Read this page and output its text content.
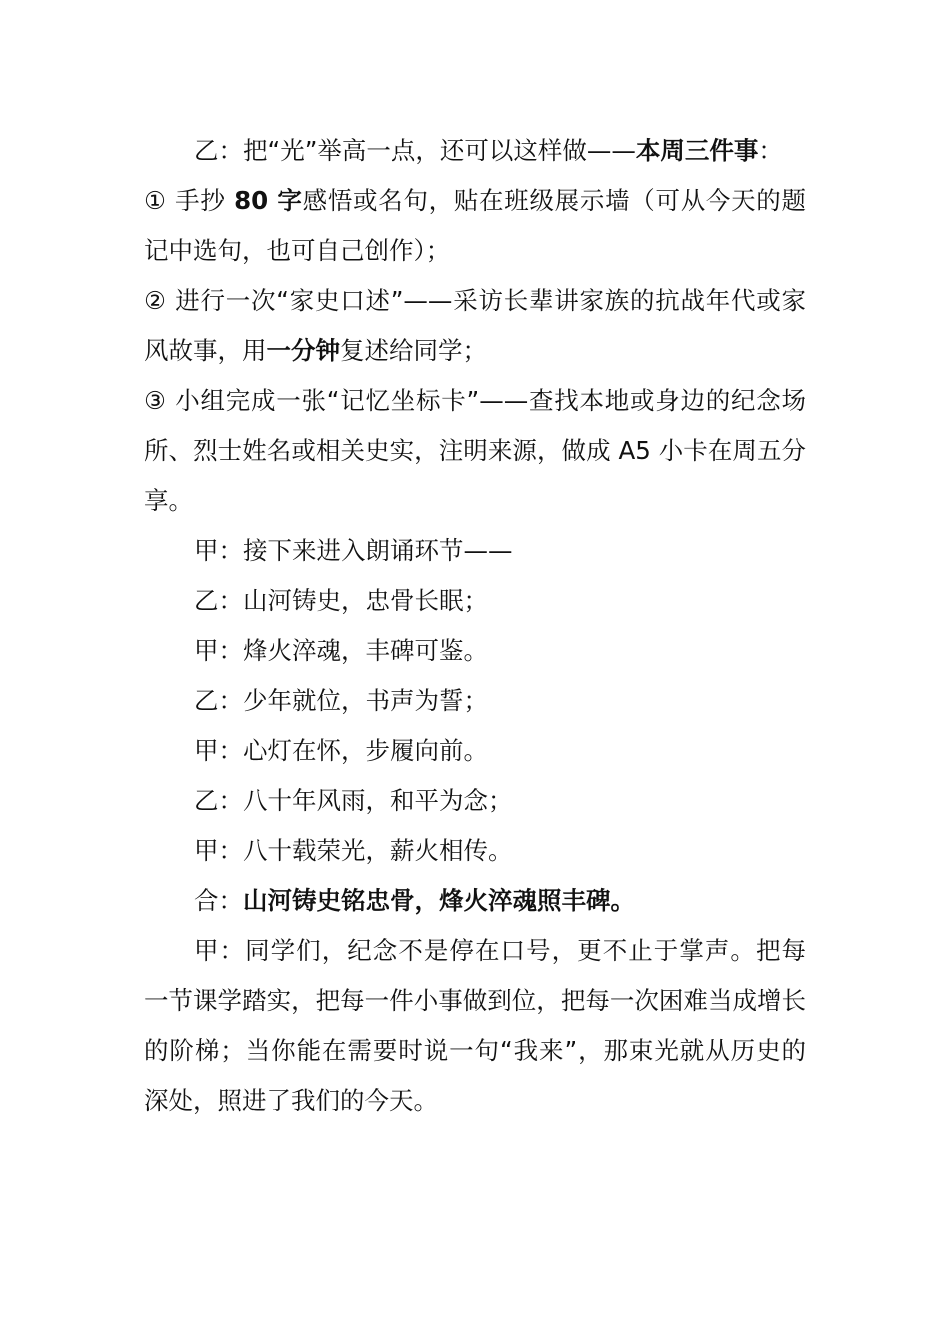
乙：把“光”举高一点，还可以这样做——本周三件事：

① 手抄 80 字感悟或名句，贴在班级展示墙（可从今天的题记中选句，也可自己创作）；

② 进行一次“家史口述”——采访长辈讲家族的抗战年代或家风故事，用一分钟复述给同学；

③ 小组完成一张“记忆坐标卡”——查找本地或身边的纪念场所、烈士姓名或相关史实，注明来源，做成 A5 小卡在周五分享。

甲：接下来进入朗诵环节——

乙：山河铸史，忠骨长眠；

甲：烽火淬魂，丰碑可鉴。

乙：少年就位，书声为誓；

甲：心灯在怀，步履向前。

乙：八十年风雨，和平为念；

甲：八十载荣光，薪火相传。

合：山河铸史铭忠骨，烽火淬魂照丰碑。

甲：同学们，纪念不是停在口号，更不止于掌声。把每一节课学踏实，把每一件小事做到位，把每一次困难当成增长的阶梯；当你能在需要时说一句“我来”，那束光就从历史的深处，照进了我们的今天。
